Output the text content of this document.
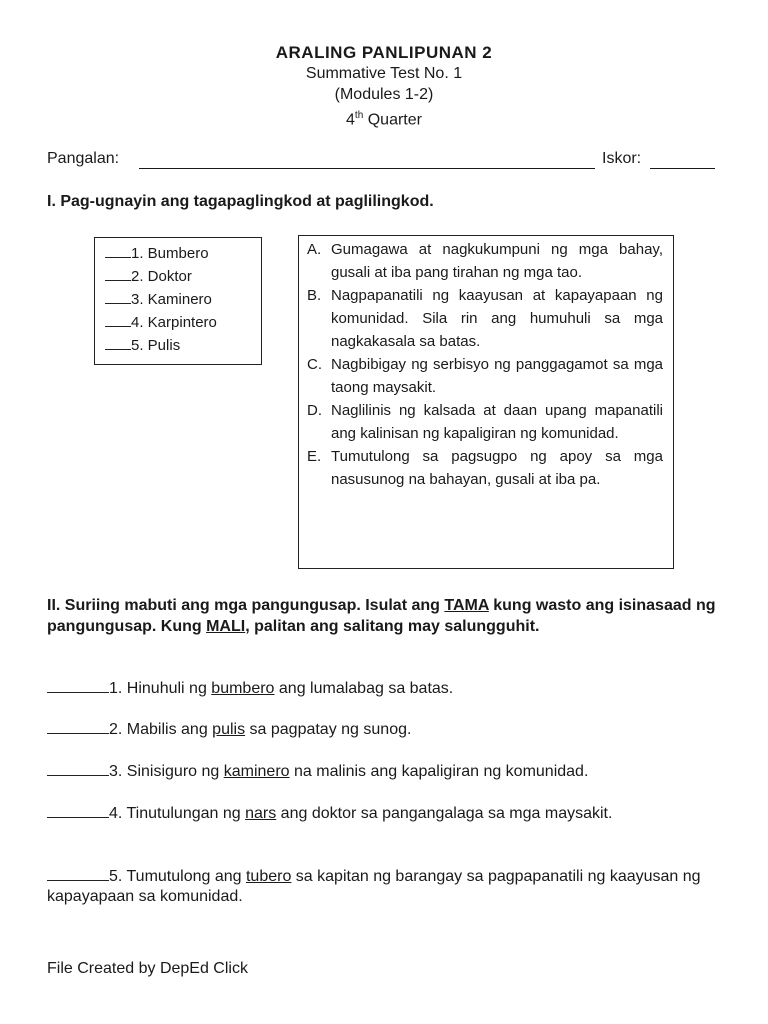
ARALING PANLIPUNAN 2
Summative Test No. 1
(Modules 1-2)
4th Quarter
Pangalan:	Iskor:
I. Pag-ugnayin ang tagapaglingkod at paglilingkod.
1. Bumbero
2. Doktor
3. Kaminero
4. Karpintero
5. Pulis
A. Gumagawa at nagkukumpuni ng mga bahay, gusali at iba pang tirahan ng mga tao.
B. Nagpapanatili ng kaayusan at kapayapaan ng komunidad. Sila rin ang humuhuli sa mga nagkakasala sa batas.
C. Nagbibigay ng serbisyo ng panggagamot sa mga taong maysakit.
D. Naglilinis ng kalsada at daan upang mapanatili ang kalinisan ng kapaligiran ng komunidad.
E. Tumutulong sa pagsugpo ng apoy sa mga nasusunog na bahayan, gusali at iba pa.
II. Suriing mabuti ang mga pangungusap. Isulat ang TAMA kung wasto ang isinasaad ng pangungusap. Kung MALI, palitan ang salitang may salungguhit.
1. Hinuhuli ng bumbero ang lumalabag sa batas.
2. Mabilis ang pulis sa pagpatay ng sunog.
3. Sinisiguro ng kaminero na malinis ang kapaligiran ng komunidad.
4. Tinutulungan ng nars ang doktor sa pangangalaga sa mga maysakit.
5. Tumutulong ang tubero sa kapitan ng barangay sa pagpapanatili ng kaayusan ng kapayapaan sa komunidad.
File Created by DepEd Click
